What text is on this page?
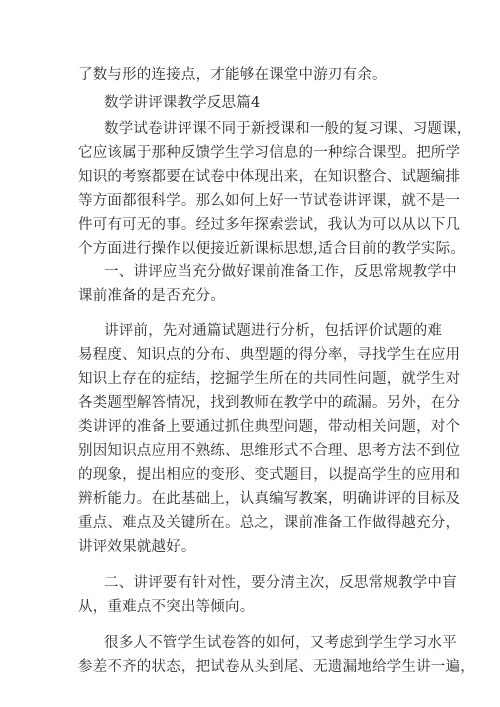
了数与形的连接点，才能够在课堂中游刃有余。
数学讲评课教学反思篇4
数学试卷讲评课不同于新授课和一般的复习课、习题课，
它应该属于那种反馈学生学习信息的一种综合课型。把所学
知识的考察都要在试卷中体现出来，在知识整合、试题编排
等方面都很科学。那么如何上好一节试卷讲评课，就不是一
件可有可无的事。经过多年探索尝试，我认为可以从以下几
个方面进行操作以便接近新课标思想,适合目前的教学实际。
一、讲评应当充分做好课前准备工作，反思常规教学中
课前准备的是否充分。
讲评前，先对通篇试题进行分析，包括评价试题的难
易程度、知识点的分布、典型题的得分率，寻找学生在应用
知识上存在的症结，挖掘学生所在的共同性问题，就学生对
各类题型解答情况，找到教师在教学中的疏漏。另外，在分
类讲评的准备上要通过抓住典型问题，带动相关问题，对个
别因知识点应用不熟练、思维形式不合理、思考方法不到位
的现象，提出相应的变形、变式题目，以提高学生的应用和
辨析能力。在此基础上，认真编写教案，明确讲评的目标及
重点、难点及关键所在。总之，课前准备工作做得越充分，
讲评效果就越好。
二、讲评要有针对性，要分清主次，反思常规教学中盲
从，重难点不突出等倾向。
很多人不管学生试卷答的如何，又考虑到学生学习水平
参差不齐的状态，把试卷从头到尾、无遗漏地给学生讲一遍，
